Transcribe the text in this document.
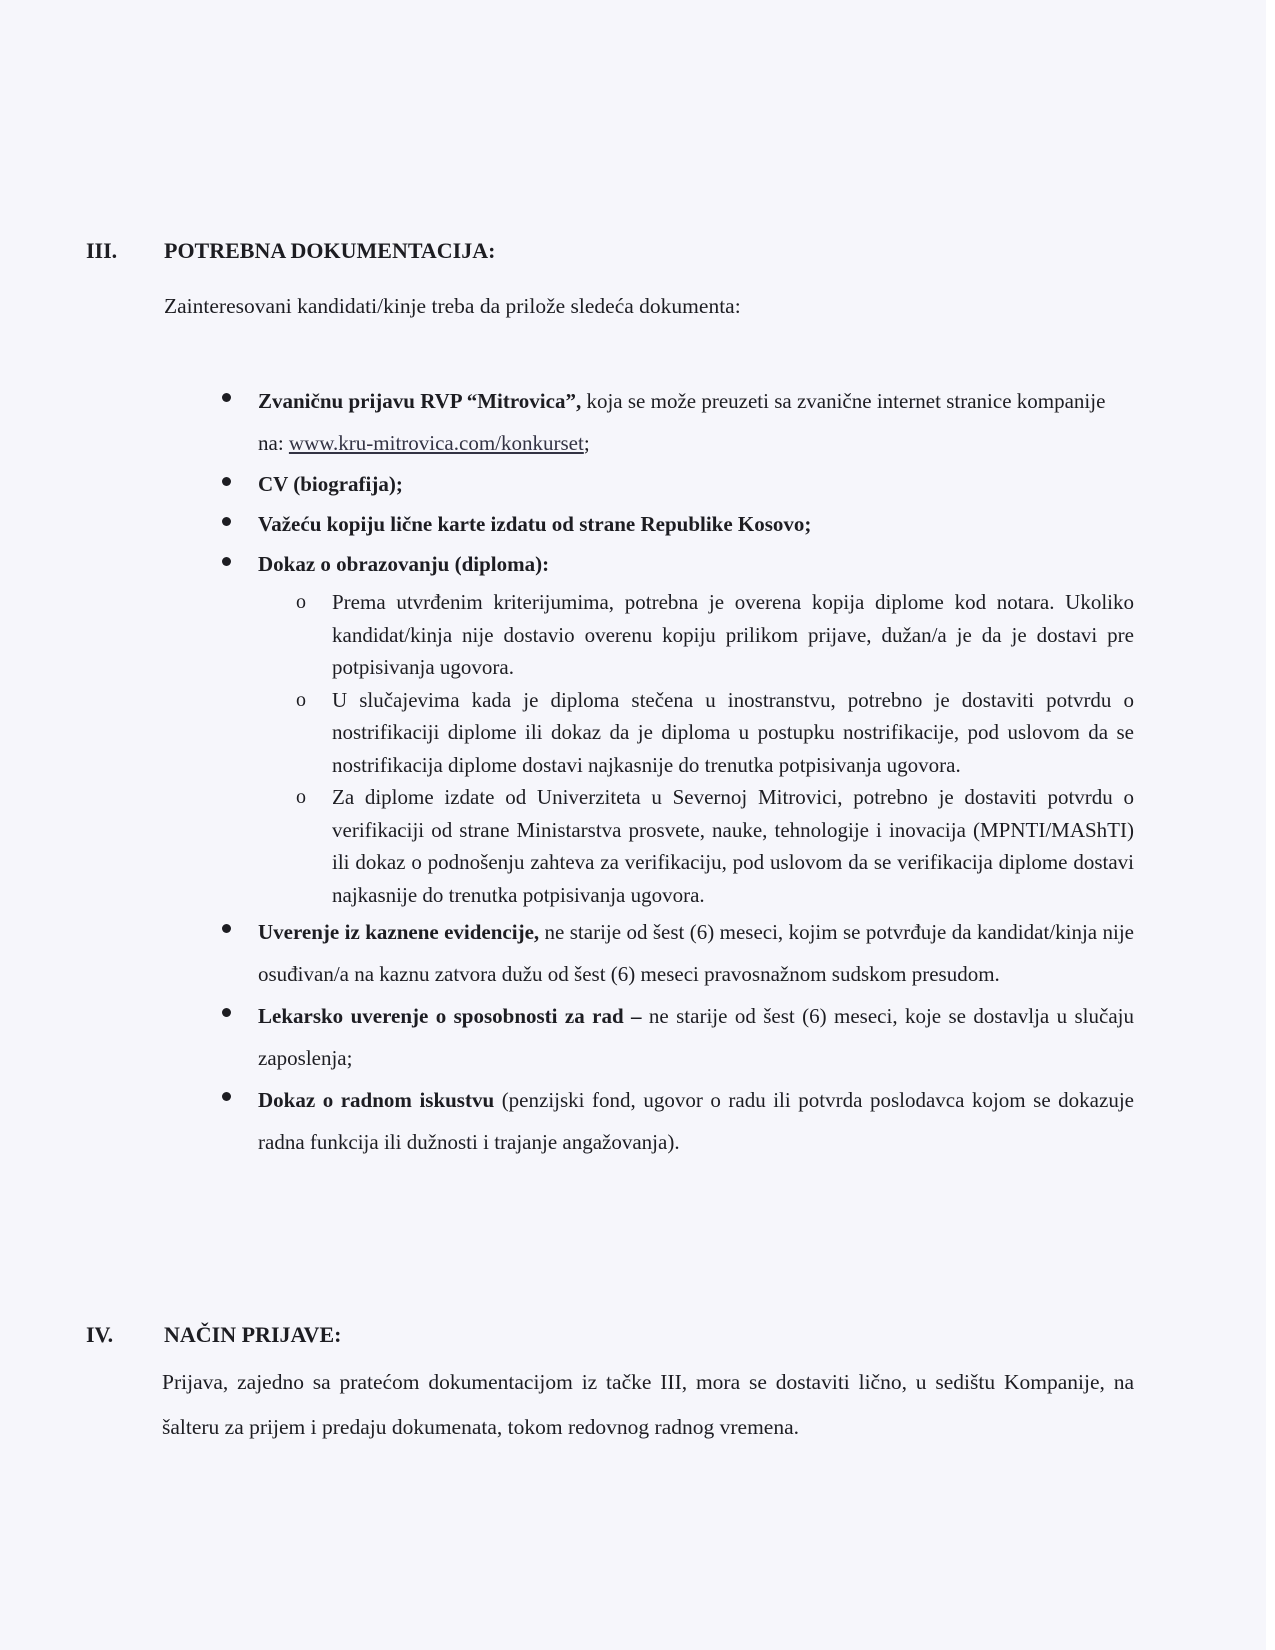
III.	POTREBNA DOKUMENTACIJA:
Zainteresovani kandidati/kinje treba da prilože sledeća dokumenta:
Zvaničnu prijavu RVP “Mitrovica”, koja se može preuzeti sa zvanične internet stranice kompanije na: www.kru-mitrovica.com/konkurset;
CV (biografija);
Važeću kopiju lične karte izdatu od strane Republike Kosovo;
Dokaz o obrazovanju (diploma):
o Prema utvrđenim kriterijumima, potrebna je overena kopija diplome kod notara. Ukoliko kandidat/kinja nije dostavio overenu kopiju prilikom prijave, dužan/a je da je dostavi pre potpisivanja ugovora.
o U slučajevima kada je diploma stečena u inostranstvu, potrebno je dostaviti potvrdu o nostrifikaciji diplome ili dokaz da je diploma u postupku nostrifikacije, pod uslovom da se nostrifikacija diplome dostavi najkasnije do trenutka potpisivanja ugovora.
o Za diplome izdate od Univerziteta u Severnoj Mitrovici, potrebno je dostaviti potvrdu o verifikaciji od strane Ministarstva prosvete, nauke, tehnologije i inovacija (MPNTI/MAShTI) ili dokaz o podnošenju zahteva za verifikaciju, pod uslovom da se verifikacija diplome dostavi najkasnije do trenutka potpisivanja ugovora.
Uverenje iz kaznene evidencije, ne starije od šest (6) meseci, kojim se potvrđuje da kandidat/kinja nije osuđivan/a na kaznu zatvora dužu od šest (6) meseci pravosnažnom sudskom presudom.
Lekarsko uverenje o sposobnosti za rad – ne starije od šest (6) meseci, koje se dostavlja u slučaju zaposlenja;
Dokaz o radnom iskustvu (penzijski fond, ugovor o radu ili potvrda poslodavca kojom se dokazuje radna funkcija ili dužnosti i trajanje angažovanja).
IV.	NAČIN PRIJAVE:
Prijava, zajedno sa pratećom dokumentacijom iz tačke III, mora se dostaviti lično, u sedištu Kompanije, na šalteru za prijem i predaju dokumenata, tokom redovnog radnog vremena.
